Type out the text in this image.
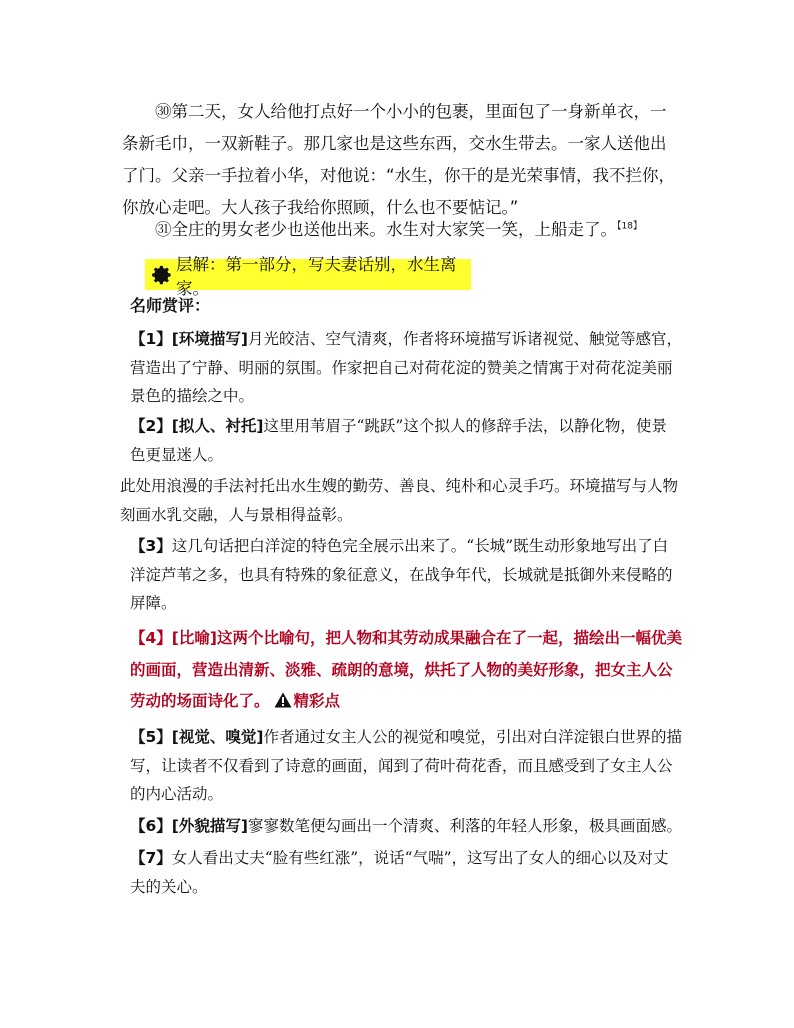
㉚第二天，女人给他打点好一个小小的包裹，里面包了一身新单衣，一条新毛巾，一双新鞋子。那几家也是这些东西，交水生带去。一家人送他出了门。父亲一手拉着小华，对他说：“水生，你干的是光荣事情，我不拦你，你放心走吧。大人孩子我给你照顾，什么也不要惦记。”

㉛全庄的男女老少也送他出来。水生对大家笑一笑，上船走了。$^{【18】}$

层解：第一部分，写夫妻话别，水生离家。

名师赏评：

【1】[环境描写]月光皎洁、空气清爽，作者将环境描写诉诸视觉、触觉等感官，营造出了宁静、明丽的氛围。作家把自己对荷花淀的赞美之情寓于对荷花淀美丽景色的描绘之中。

【2】[拟人、衬托]这里用苇眉子“跳跃”这个拟人的修辞手法，以静化物，使景色更显迷人。

此处用浪漫的手法衬托出水生嫂的勤劳、善良、纯朴和心灵手巧。环境描写与人物刻画水乳交融，人与景相得益彰。

【3】这几句话把白洋淀的特色完全展示出来了。“长城”既生动形象地写出了白洋淀芦苇之多，也具有特殊的象征意义，在战争年代，长城就是抵御外来侵略的屏障。

【4】[比喻]这两个比喻句，把人物和其劳动成果融合在了一起，描绘出一幅优美的画面，营造出清新、淡雅、疏朗的意境，烘托了人物的美好形象，把女主人公劳动的场面诗化了。 精彩点

【5】[视觉、嗅觉]作者通过女主人公的视觉和嗅觉，引出对白洋淀银白世界的描写，让读者不仅看到了诗意的画面，闻到了荷叶荷花香，而且感受到了女主人公的内心活动。

【6】[外貌描写]寥寥数笔便勾画出一个清爽、利落的年轻人形象，极具画面感。

【7】女人看出丈夫“脸有些红涨”，说话“气喘”，这写出了女人的细心以及对丈夫的关心。
